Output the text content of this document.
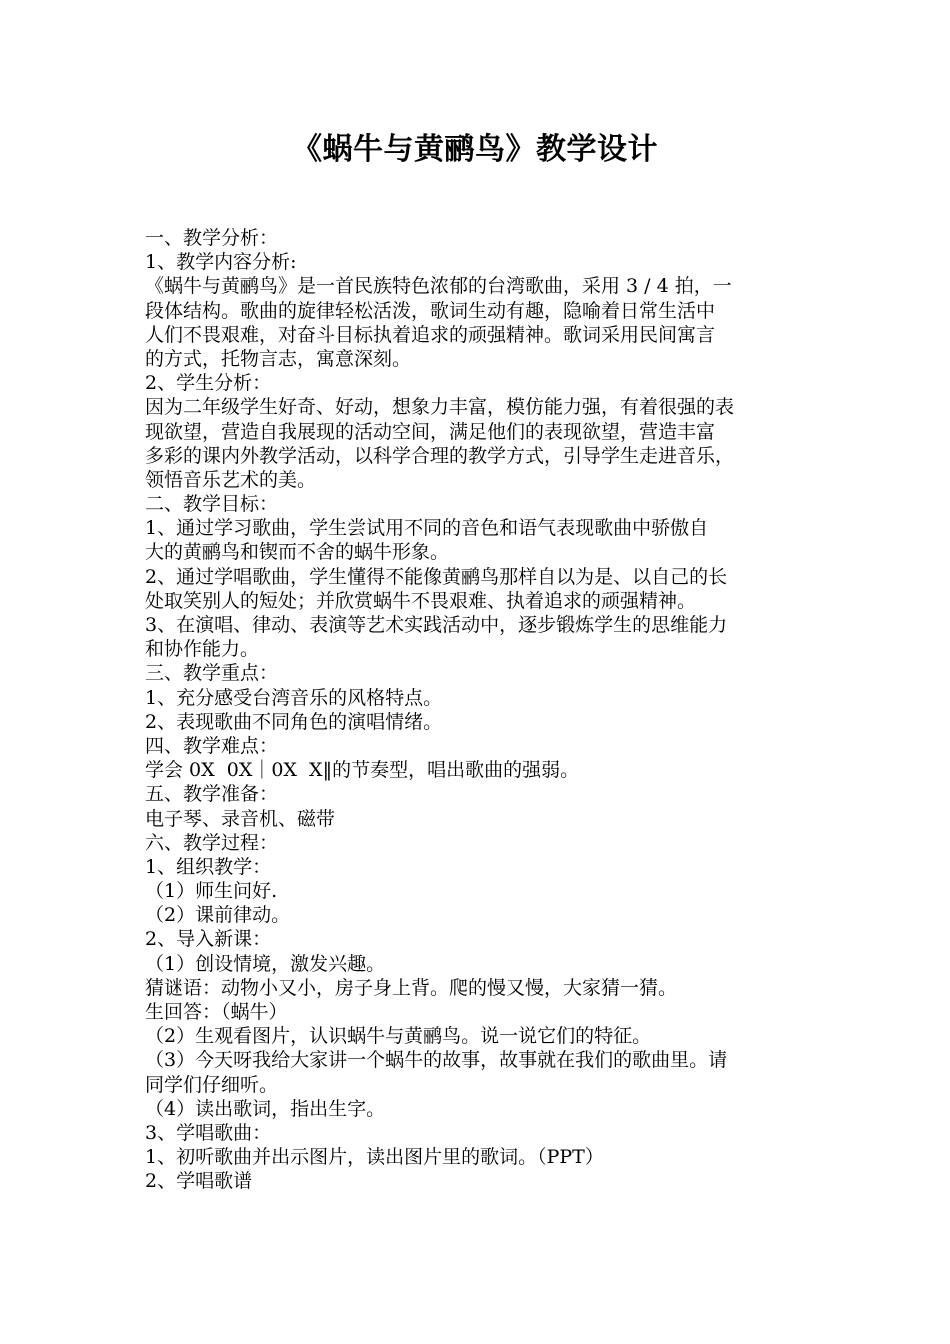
《蜗牛与黄鹂鸟》教学设计
一、教学分析：
1、教学内容分析:
《蜗牛与黄鹂鸟》是一首民族特色浓郁的台湾歌曲，采用 3 / 4 拍，一
段体结构。歌曲的旋律轻松活泼，歌词生动有趣，隐喻着日常生活中
人们不畏艰难，对奋斗目标执着追求的顽强精神。歌词采用民间寓言
的方式，托物言志，寓意深刻。
2、学生分析：
因为二年级学生好奇、好动，想象力丰富，模仿能力强，有着很强的表
现欲望，营造自我展现的活动空间，满足他们的表现欲望，营造丰富
多彩的课内外教学活动，以科学合理的教学方式，引导学生走进音乐，
领悟音乐艺术的美。
二、教学目标：
1、通过学习歌曲，学生尝试用不同的音色和语气表现歌曲中骄傲自
大的黄鹂鸟和锲而不舍的蜗牛形象。
2、通过学唱歌曲，学生懂得不能像黄鹂鸟那样自以为是、以自己的长
处取笑别人的短处；并欣赏蜗牛不畏艰难、执着追求的顽强精神。
3、在演唱、律动、表演等艺术实践活动中，逐步锻炼学生的思维能力
和协作能力。
三、教学重点：
1、充分感受台湾音乐的风格特点。
2、表现歌曲不同角色的演唱情绪。
四、教学难点：
学会 0X  0X｜0X  X‖的节奏型，唱出歌曲的强弱。
五、教学准备：
电子琴、录音机、磁带
六、教学过程：
1、组织教学：
（1）师生问好.
（2）课前律动。
2、导入新课：
（1）创设情境，激发兴趣。
猜谜语：动物小又小，房子身上背。爬的慢又慢，大家猜一猜。
生回答：（蜗牛）
（2）生观看图片，认识蜗牛与黄鹂鸟。说一说它们的特征。
（3）今天呀我给大家讲一个蜗牛的故事，故事就在我们的歌曲里。请
同学们仔细听。
（4）读出歌词，指出生字。
3、学唱歌曲：
1、初听歌曲并出示图片，读出图片里的歌词。（PPT）
2、学唱歌谱
